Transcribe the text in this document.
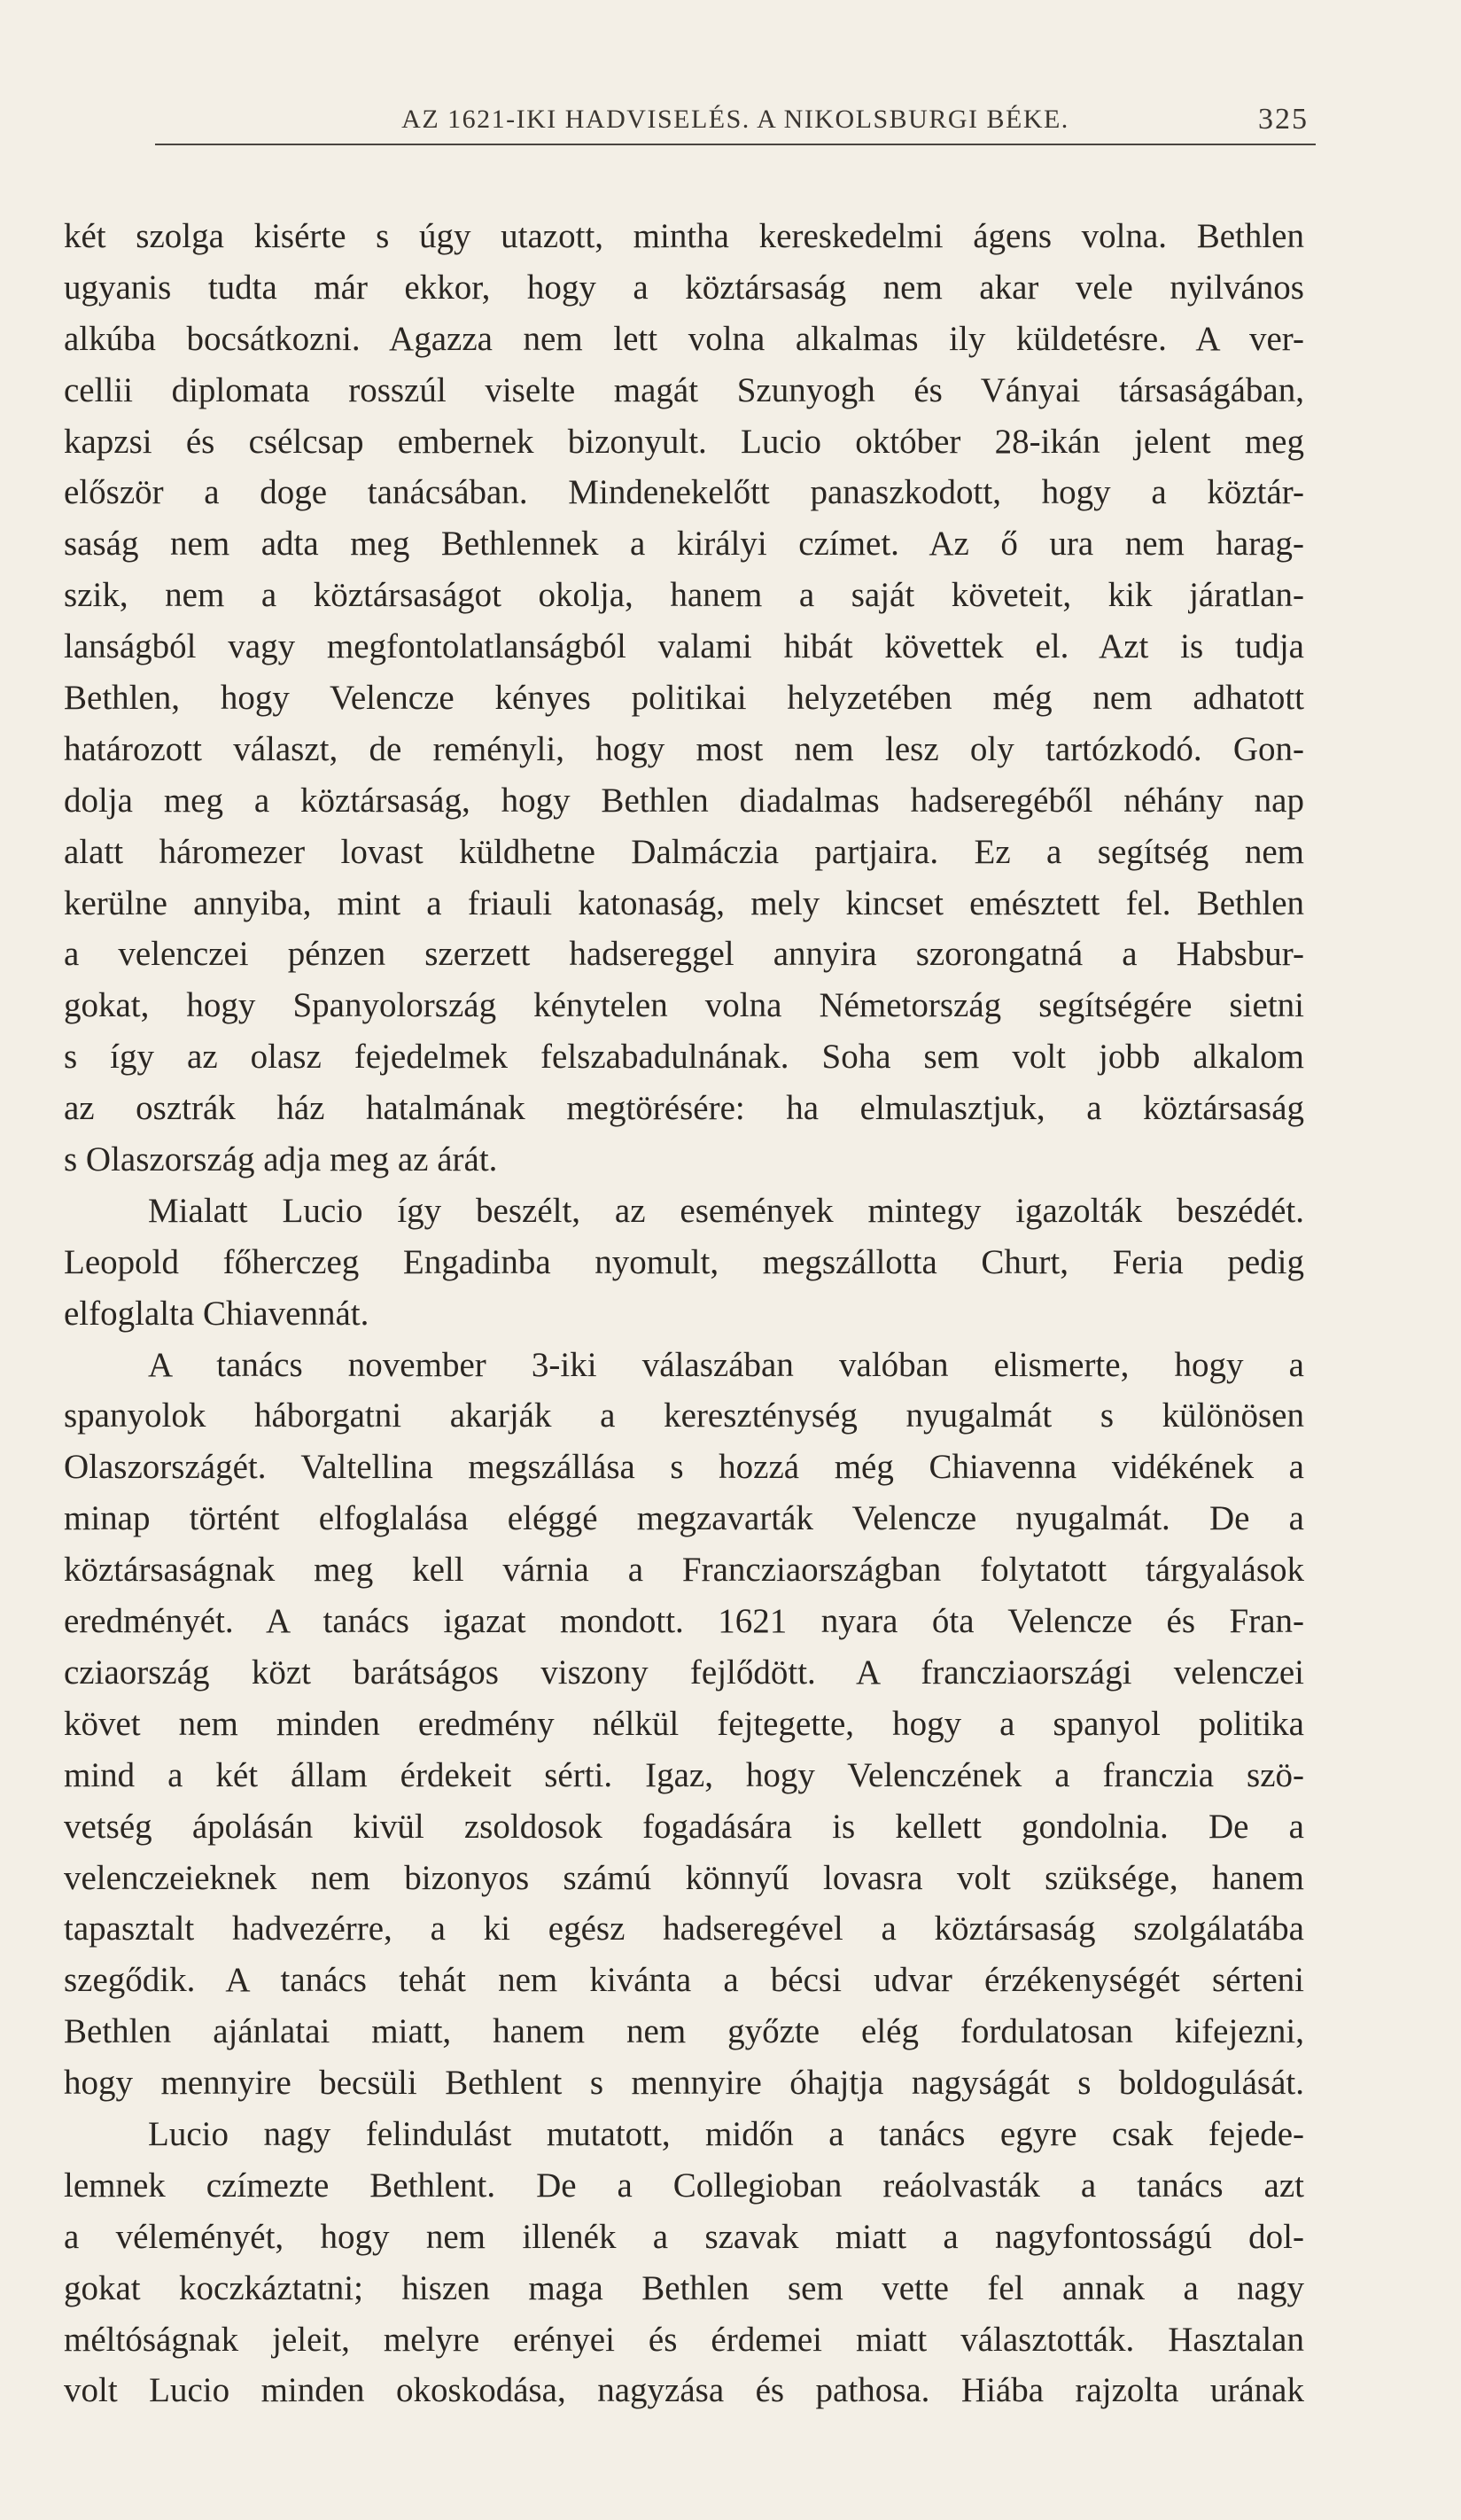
AZ 1621-IKI HADVISELÉS. A NIKOLSBURGI BÉKE.	325
két szolga kisérte s úgy utazott, mintha kereskedelmi ágens volna. Bethlen
ugyanis tudta már ekkor, hogy a köztársaság nem akar vele nyilvános
alkúba bocsátkozni. Agazza nem lett volna alkalmas ily küldetésre. A ver-
cellii diplomata rosszúl viselte magát Szunyogh és Ványai társaságában,
kapzsi és csélcsap embernek bizonyult. Lucio október 28-ikán jelent meg
először a doge tanácsában. Mindenekelőtt panaszkodott, hogy a köztár-
saság nem adta meg Bethlennek a királyi czímet. Az ő ura nem harag-
szik, nem a köztársaságot okolja, hanem a saját követeit, kik járatlan-
lanságból vagy megfontolatlanságból valami hibát követtek el. Azt is tudja
Bethlen, hogy Velencze kényes politikai helyzetében még nem adhatott
határozott választ, de reményli, hogy most nem lesz oly tartózkodó. Gon-
dolja meg a köztársaság, hogy Bethlen diadalmas hadseregéből néhány nap
alatt háromezer lovast küldhetne Dalmáczia partjaira. Ez a segítség nem
kerülne annyiba, mint a friauli katonaság, mely kincset emésztett fel. Bethlen
a velenczei pénzen szerzett hadsereggel annyira szorongatná a Habsbur-
gokat, hogy Spanyolország kénytelen volna Németország segítségére sietni
s így az olasz fejedelmek felszabadulnának. Soha sem volt jobb alkalom
az osztrák ház hatalmának megtörésére: ha elmulasztjuk, a köztársaság
s Olaszország adja meg az árát.
Mialatt Lucio így beszélt, az események mintegy igazolták beszédét.
Leopold főherczeg Engadinba nyomult, megszállotta Churt, Feria pedig
elfoglalta Chiavennát.
A tanács november 3-iki válaszában valóban elismerte, hogy a
spanyolok háborgatni akarják a kereszténység nyugalmát s különösen
Olaszországét. Valtellina megszállása s hozzá még Chiavenna vidékének a
minap történt elfoglalása eléggé megzavarták Velencze nyugalmát. De a
köztársaságnak meg kell várnia a Francziaországban folytatott tárgyalások
eredményét. A tanács igazat mondott. 1621 nyara óta Velencze és Fran-
cziaország közt barátságos viszony fejlődött. A francziaországi velenczei
követ nem minden eredmény nélkül fejtegette, hogy a spanyol politika
mind a két állam érdekeit sérti. Igaz, hogy Velenczének a franczia szö-
vetség ápolásán kivül zsoldosok fogadására is kellett gondolnia. De a
velenczeieknek nem bizonyos számú könnyű lovasra volt szüksége, hanem
tapasztalt hadvezérre, a ki egész hadseregével a köztársaság szolgálatába
szegődik. A tanács tehát nem kivánta a bécsi udvar érzékenységét sérteni
Bethlen ajánlatai miatt, hanem nem győzte elég fordulatosan kifejezni,
hogy mennyire becsüli Bethlent s mennyire óhajtja nagyságát s boldogulását.
Lucio nagy felindulást mutatott, midőn a tanács egyre csak fejede-
lemnek czímezte Bethlent. De a Collegioban reáolvasták a tanács azt
a véleményét, hogy nem illenék a szavak miatt a nagyfontosságú dol-
gokat koczkáztatni; hiszen maga Bethlen sem vette fel annak a nagy
méltóságnak jeleit, melyre erényei és érdemei miatt választották. Hasztalan
volt Lucio minden okoskodása, nagyzása és pathosa. Hiába rajzolta urának
